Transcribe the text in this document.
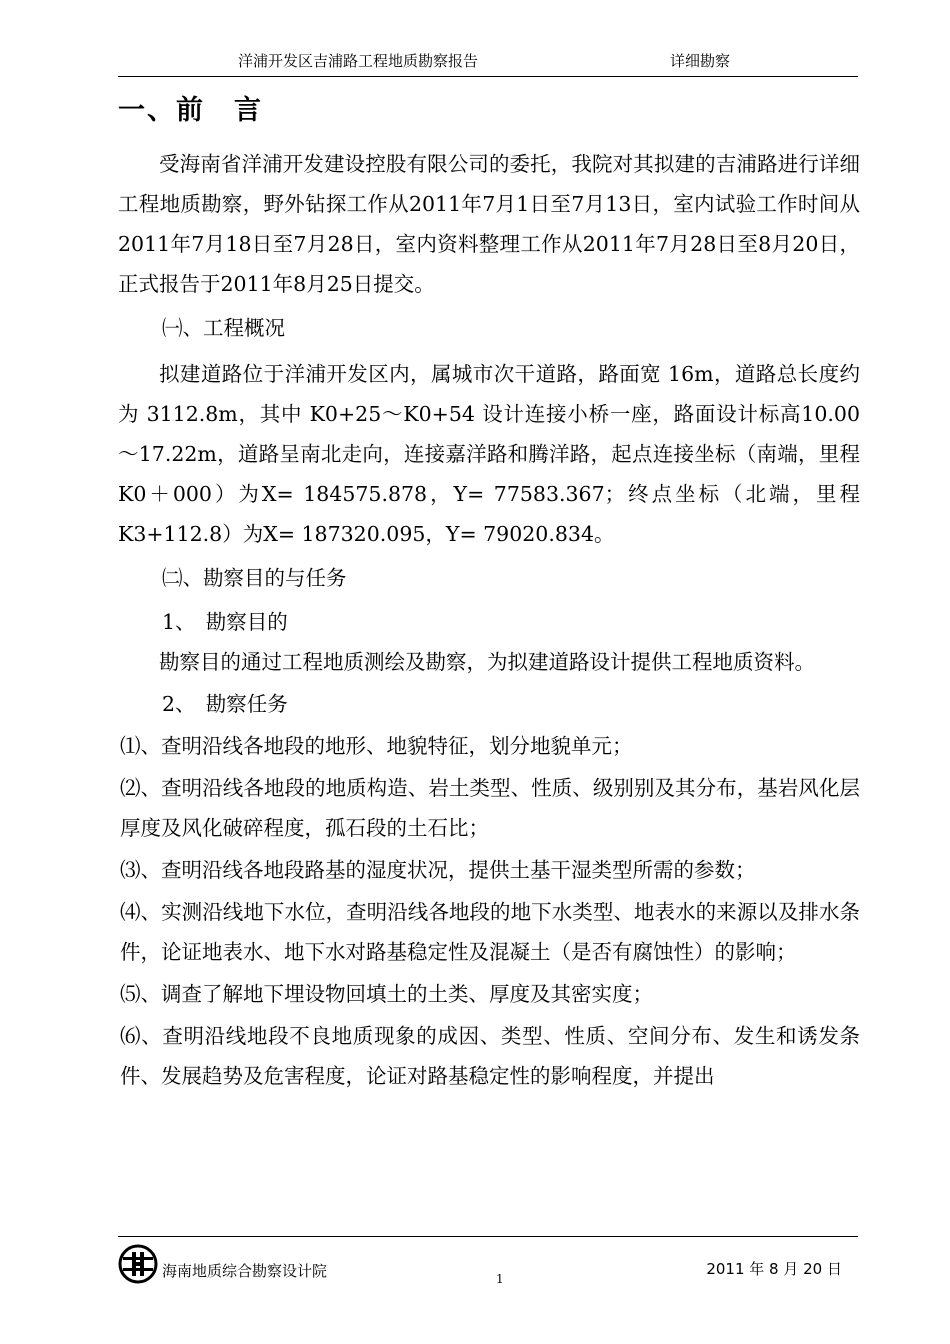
洋浦开发区吉浦路工程地质勘察报告	详细勘察
一、前　言

受海南省洋浦开发建设控股有限公司的委托，我院对其拟建的吉浦路进行详细工程地质勘察，野外钻探工作从2011年7月1日至7月13日，室内试验工作时间从2011年7月18日至7月28日，室内资料整理工作从2011年7月28日至8月20日，正式报告于2011年8月25日提交。

㈠、工程概况

拟建道路位于洋浦开发区内，属城市次干道路，路面宽 16m，道路总长度约为 3112.8m，其中 K0+25～K0+54 设计连接小桥一座，路面设计标高10.00～17.22m，道路呈南北走向，连接嘉洋路和腾洋路，起点连接坐标（南端，里程K0＋000）为X= 184575.878，Y= 77583.367；终点坐标（北端，里程K3+112.8）为X= 187320.095，Y= 79020.834。

㈡、勘察目的与任务

1、　勘察目的

勘察目的通过工程地质测绘及勘察，为拟建道路设计提供工程地质资料。

2、　勘察任务

⑴、查明沿线各地段的地形、地貌特征，划分地貌单元；

⑵、查明沿线各地段的地质构造、岩土类型、性质、级别别及其分布，基岩风化层厚度及风化破碎程度，孤石段的土石比；

⑶、查明沿线各地段路基的湿度状况，提供土基干湿类型所需的参数；

⑷、实测沿线地下水位，查明沿线各地段的地下水类型、地表水的来源以及排水条件，论证地表水、地下水对路基稳定性及混凝土（是否有腐蚀性）的影响；

⑸、调查了解地下埋设物回填土的土类、厚度及其密实度；

⑹、查明沿线地段不良地质现象的成因、类型、性质、空间分布、发生和诱发条件、发展趋势及危害程度，论证对路基稳定性的影响程度，并提出

海南地质综合勘察设计院	1
2011 年 8 月 20 日
